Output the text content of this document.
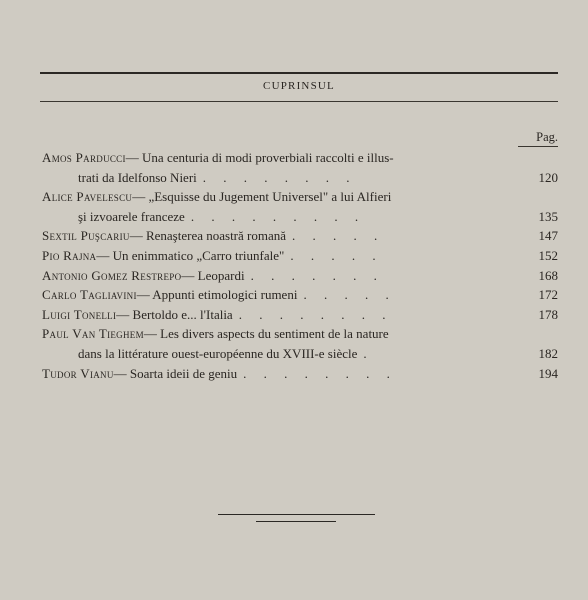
CUPRINSUL
Pag.
Amos Parducci — Una centuria di modi proverbiali raccolti e illus-
trati da Idelfonso Nieri . . . . . . . .	120
Alice Pavelescu — „Esquisse du Jugement Universel" a lui Alfieri
şi izvoarele franceze . . . . . . . . .	135
Sextil Puşcariu — Renaşterea noastră romană . . . . .	147
Pio Rajna — Un enimmatico „Carro triunfale" . . . . .	152
Antonio Gomez Restrepo — Leopardi . . . . . . .	168
Carlo Tagliavini — Appunti etimologici rumeni . . . . .	172
Luigi Tonelli — Bertoldo e... l'Italia . . . . . . . .	178
Paul Van Tieghem — Les divers aspects du sentiment de la nature
dans la littérature ouest-européenne du XVIII-e siècle .	182
Tudor Vianu — Soarta ideii de geniu . . . . . . . .	194
